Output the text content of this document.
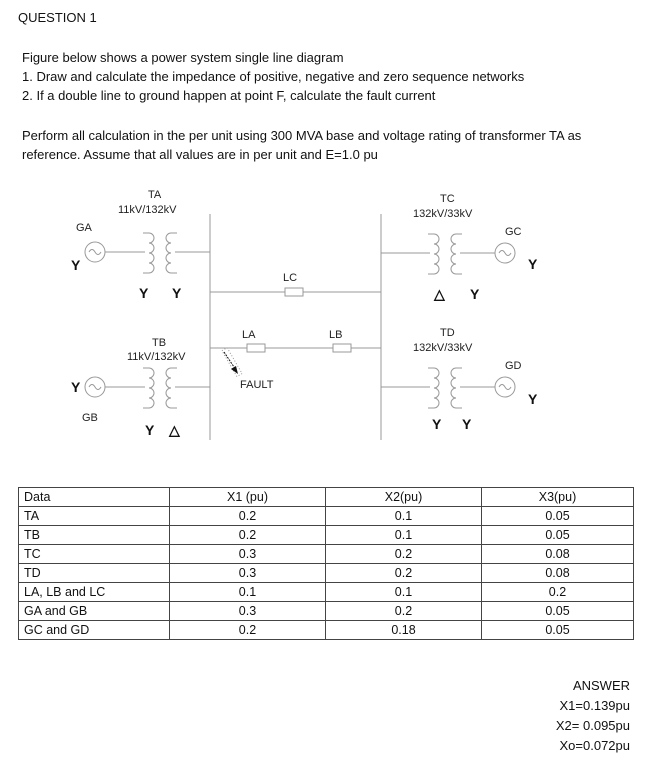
QUESTION 1
Figure below shows a power system single line diagram
1. Draw and calculate the impedance of positive, negative and zero sequence networks
2. If a double line to ground happen at point F, calculate the fault current
Perform all calculation in the per unit using 300 MVA base and voltage rating of transformer TA as
reference. Assume that all values are in per unit and E=1.0 pu
TA
11kV/132kV
GA
LC
LA	LB
FAULT
TB
11kV/132kV
GB
TC
132kV/33kV
GC
TD
132kV/33kV
GD
Y
Y Y
Y
Y △
△ Y
Y
Y Y
Y
Data	X1 (pu)	X2(pu)	X3(pu)
TA	0.2	0.1	0.05
TB	0.2	0.1	0.05
TC	0.3	0.2	0.08
TD	0.3	0.2	0.08
LA, LB and LC	0.1	0.1	0.2
GA and GB	0.3	0.2	0.05
GC and GD	0.2	0.18	0.05
ANSWER
X1=0.139pu
X2= 0.095pu
Xo=0.072pu
